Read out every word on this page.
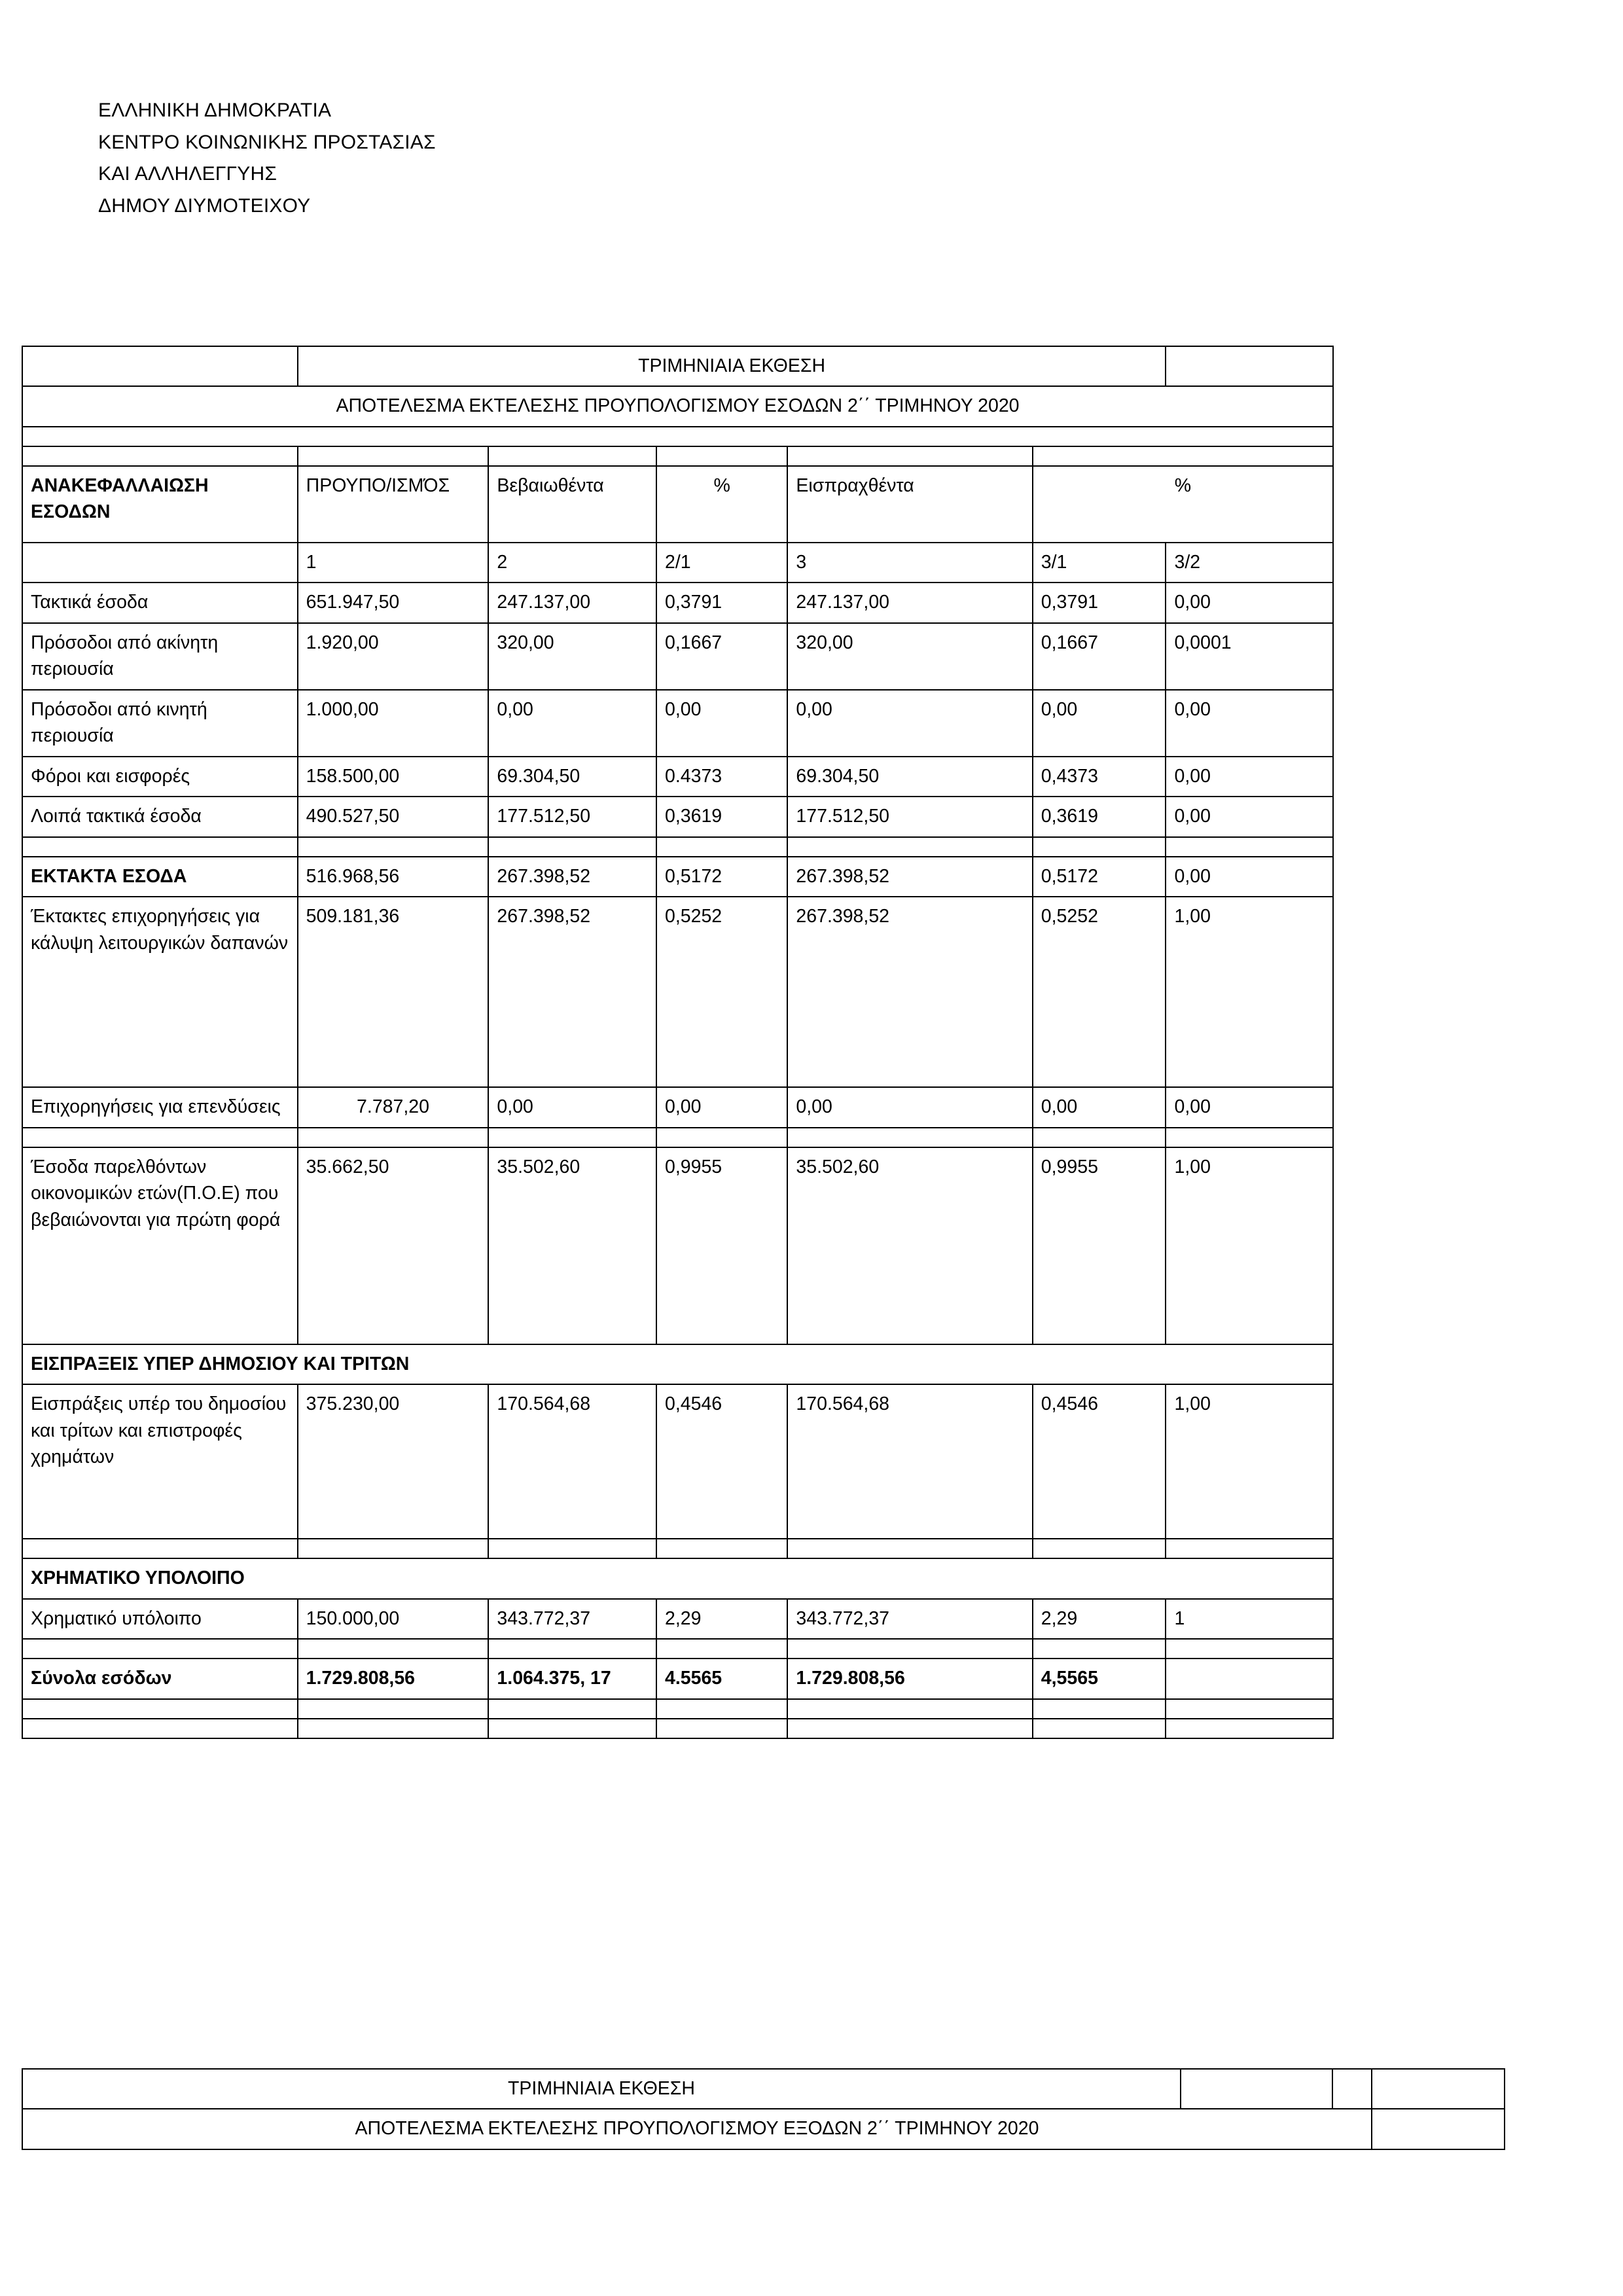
ΕΛΛΗΝΙΚΗ ΔΗΜΟΚΡΑΤΙΑ
ΚΕΝΤΡΟ ΚΟΙΝΩΝΙΚΗΣ ΠΡΟΣΤΑΣΙΑΣ
ΚΑΙ ΑΛΛΗΛΕΓΓΥΗΣ
ΔΗΜΟΥ ΔΙΥΜΟΤΕΙΧΟΥ
	ΤΡΙΜΗΝΙΑΙΑ ΕΚΘΕΣΗ					
ΑΠΟΤΕΛΕΣΜΑ ΕΚΤΕΛΕΣΗΣ ΠΡΟΥΠΟΛΟΓΙΣΜΟΥ ΕΣΟΔΩΝ 2΄΄ ΤΡΙΜΗΝΟΥ 2020						

ΑΝΑΚΕΦΑΛΛΑΙΩΣΗ ΕΣΟΔΩΝ	ΠΡΟΥΠΟ/ΙΣΜΌΣ	Βεβαιωθέντα	%	Εισπραχθέντα	%	
	1	2	2/1	3	3/1	3/2
Τακτικά έσοδα	651.947,50	247.137,00	0,3791	247.137,00	0,3791	0,00
Πρόσοδοι από ακίνητη περιουσία	1.920,00	320,00	0,1667	320,00	0,1667	0,0001
Πρόσοδοι από κινητή περιουσία	1.000,00	0,00	0,00	0,00	0,00	0,00
Φόροι και εισφορές	158.500,00	69.304,50	0.4373	69.304,50	0,4373	0,00
Λοιπά τακτικά έσοδα	490.527,50	177.512,50	0,3619	177.512,50	0,3619	0,00

ΕΚΤΑΚΤΑ ΕΣΟΔΑ	516.968,56	267.398,52	0,5172	267.398,52	0,5172	0,00
Έκτακτες επιχορηγήσεις για κάλυψη λειτουργικών δαπανών	509.181,36	267.398,52	0,5252	267.398,52	0,5252	1,00
Επιχορηγήσεις για επενδύσεις	7.787,20	0,00	0,00	0,00	0,00	0,00

Έσοδα παρελθόντων οικονομικών ετών(Π.Ο.Ε) που βεβαιώνονται για πρώτη φορά	35.662,50	35.502,60	0,9955	35.502,60	0,9955	1,00
ΕΙΣΠΡΑΞΕΙΣ ΥΠΕΡ ΔΗΜΟΣΙΟΥ ΚΑΙ ΤΡΙΤΩΝ						
Εισπράξεις υπέρ του δημοσίου και τρίτων και επιστροφές χρημάτων	375.230,00	170.564,68	0,4546	170.564,68	0,4546	1,00

ΧΡΗΜΑΤΙΚΟ ΥΠΟΛΟΙΠΟ						
Χρηματικό υπόλοιπο	150.000,00	343.772,37	2,29	343.772,37	2,29	1

Σύνολα εσόδων	1.729.808,56	1.064.375, 17	4.5565	1.729.808,56	4,5565	

ΤΡΙΜΗΝΙΑΙΑ ΕΚΘΕΣΗ			
ΑΠΟΤΕΛΕΣΜΑ ΕΚΤΕΛΕΣΗΣ ΠΡΟΥΠΟΛΟΓΙΣΜΟΥ ΕΞΟΔΩΝ 2΄΄ ΤΡΙΜΗΝΟΥ 2020			
